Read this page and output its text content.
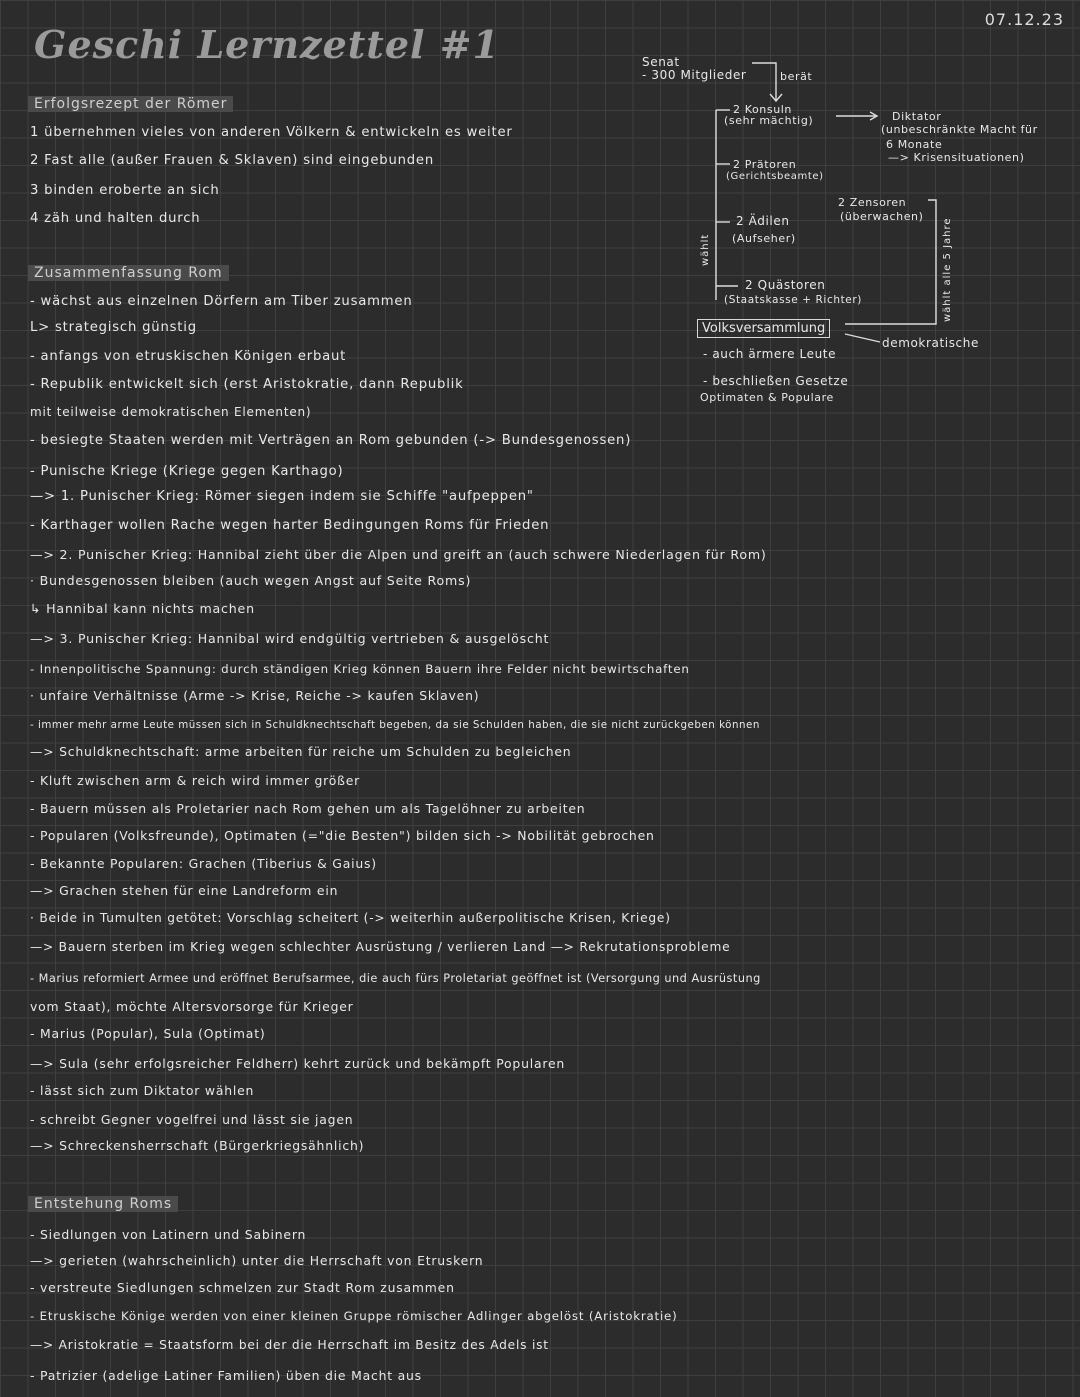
Geschi Lernzettel #1
07.12.23
Erfolgsrezept der Römer
1 übernehmen vieles von anderen Völkern & entwickeln es weiter
2 Fast alle (außer Frauen & Sklaven) sind eingebunden
3 binden eroberte an sich
4 zäh und halten durch
Senat
- 300 Mitglieder	berät
2 Konsuln
(sehr mächtig)	Diktator
(unbeschränkte Macht für
6 Monate
—> Krisensituationen)
2 Prätoren
(Gerichtsbeamte)
2 Zensoren
(überwachen)
2 Ädilen
(Aufseher)
2 Quästoren
(Staatskasse + Richter)
wählt	wählt alle 5 Jahre
Volksversammlung
demokratische
- auch ärmere Leute
- beschließen Gesetze
Optimaten & Populare
Zusammenfassung Rom
- wächst aus einzelnen Dörfern am Tiber zusammen
L> strategisch günstig
- anfangs von etruskischen Königen erbaut
- Republik entwickelt sich (erst Aristokratie, dann Republik
mit teilweise demokratischen Elementen)
- besiegte Staaten werden mit Verträgen an Rom gebunden (-> Bundesgenossen)
- Punische Kriege (Kriege gegen Karthago)
—> 1. Punischer Krieg: Römer siegen indem sie Schiffe "aufpeppen"
- Karthager wollen Rache wegen harter Bedingungen Roms für Frieden
—> 2. Punischer Krieg: Hannibal zieht über die Alpen und greift an (auch schwere Niederlagen für Rom)
· Bundesgenossen bleiben (auch wegen Angst auf Seite Roms)
↳ Hannibal kann nichts machen
—> 3. Punischer Krieg: Hannibal wird endgültig vertrieben & ausgelöscht
- Innenpolitische Spannung: durch ständigen Krieg können Bauern ihre Felder nicht bewirtschaften
· unfaire Verhältnisse (Arme -> Krise, Reiche -> kaufen Sklaven)
- immer mehr arme Leute müssen sich in Schuldknechtschaft begeben, da sie Schulden haben, die sie nicht zurückgeben können
—> Schuldknechtschaft: arme arbeiten für reiche um Schulden zu begleichen
- Kluft zwischen arm & reich wird immer größer
- Bauern müssen als Proletarier nach Rom gehen um als Tagelöhner zu arbeiten
- Popularen (Volksfreunde), Optimaten (="die Besten") bilden sich -> Nobilität gebrochen
- Bekannte Popularen: Grachen (Tiberius & Gaius)
—> Grachen stehen für eine Landreform ein
· Beide in Tumulten getötet: Vorschlag scheitert (-> weiterhin außerpolitische Krisen, Kriege)
—> Bauern sterben im Krieg wegen schlechter Ausrüstung / verlieren Land —> Rekrutationsprobleme
- Marius reformiert Armee und eröffnet Berufsarmee, die auch fürs Proletariat geöffnet ist (Versorgung und Ausrüstung
vom Staat), möchte Altersvorsorge für Krieger
- Marius (Popular), Sula (Optimat)
—> Sula (sehr erfolgsreicher Feldherr) kehrt zurück und bekämpft Popularen
- lässt sich zum Diktator wählen
- schreibt Gegner vogelfrei und lässt sie jagen
—> Schreckensherrschaft (Bürgerkriegsähnlich)
Entstehung Roms
- Siedlungen von Latinern und Sabinern
—> gerieten (wahrscheinlich) unter die Herrschaft von Etruskern
- verstreute Siedlungen schmelzen zur Stadt Rom zusammen
- Etruskische Könige werden von einer kleinen Gruppe römischer Adlinger abgelöst (Aristokratie)
—> Aristokratie = Staatsform bei der die Herrschaft im Besitz des Adels ist
- Patrizier (adelige Latiner Familien) üben die Macht aus
